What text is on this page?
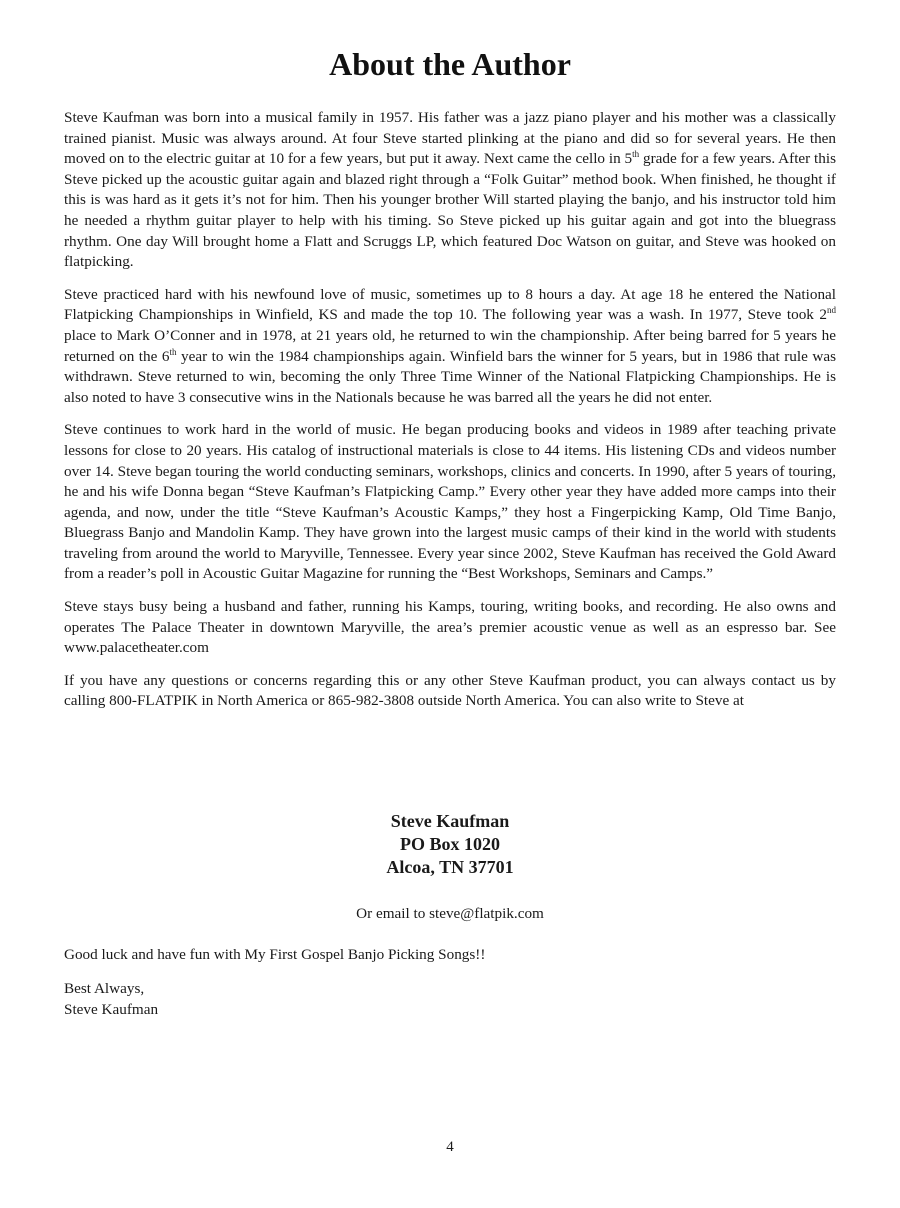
About the Author

Steve Kaufman was born into a musical family in 1957. His father was a jazz piano player and his mother was a classically trained pianist. Music was always around. At four Steve started plinking at the piano and did so for several years. He then moved on to the electric guitar at 10 for a few years, but put it away. Next came the cello in 5th grade for a few years. After this Steve picked up the acoustic guitar again and blazed right through a “Folk Guitar” method book. When finished, he thought if this is was hard as it gets it’s not for him. Then his younger brother Will started playing the banjo, and his instructor told him he needed a rhythm guitar player to help with his timing. So Steve picked up his guitar again and got into the bluegrass rhythm. One day Will brought home a Flatt and Scruggs LP, which featured Doc Watson on guitar, and Steve was hooked on flatpicking.

Steve practiced hard with his newfound love of music, sometimes up to 8 hours a day. At age 18 he entered the National Flatpicking Championships in Winfield, KS and made the top 10. The following year was a wash. In 1977, Steve took 2nd place to Mark O’Conner and in 1978, at 21 years old, he returned to win the championship. After being barred for 5 years he returned on the 6th year to win the 1984 championships again. Winfield bars the winner for 5 years, but in 1986 that rule was withdrawn. Steve returned to win, becoming the only Three Time Winner of the National Flatpicking Championships. He is also noted to have 3 consecutive wins in the Nationals because he was barred all the years he did not enter.

Steve continues to work hard in the world of music. He began producing books and videos in 1989 after teaching private lessons for close to 20 years. His catalog of instructional materials is close to 44 items. His listening CDs and videos number over 14. Steve began touring the world conducting seminars, workshops, clinics and concerts. In 1990, after 5 years of touring, he and his wife Donna began “Steve Kaufman’s Flatpicking Camp.” Every other year they have added more camps into their agenda, and now, under the title “Steve Kaufman’s Acoustic Kamps,” they host a Fingerpicking Kamp, Old Time Banjo, Bluegrass Banjo and Mandolin Kamp. They have grown into the largest music camps of their kind in the world with students traveling from around the world to Maryville, Tennessee. Every year since 2002, Steve Kaufman has received the Gold Award from a reader’s poll in Acoustic Guitar Magazine for running the “Best Workshops, Seminars and Camps.”

Steve stays busy being a husband and father, running his Kamps, touring, writing books, and recording. He also owns and operates The Palace Theater in downtown Maryville, the area’s premier acoustic venue as well as an espresso bar. See www.palacetheater.com

If you have any questions or concerns regarding this or any other Steve Kaufman product, you can always contact us by calling 800-FLATPIK in North America or 865-982-3808 outside North America. You can also write to Steve at

Steve Kaufman
PO Box 1020
Alcoa, TN 37701
Or email to steve@flatpik.com
Good luck and have fun with My First Gospel Banjo Picking Songs!!
Best Always,
Steve Kaufman
4
